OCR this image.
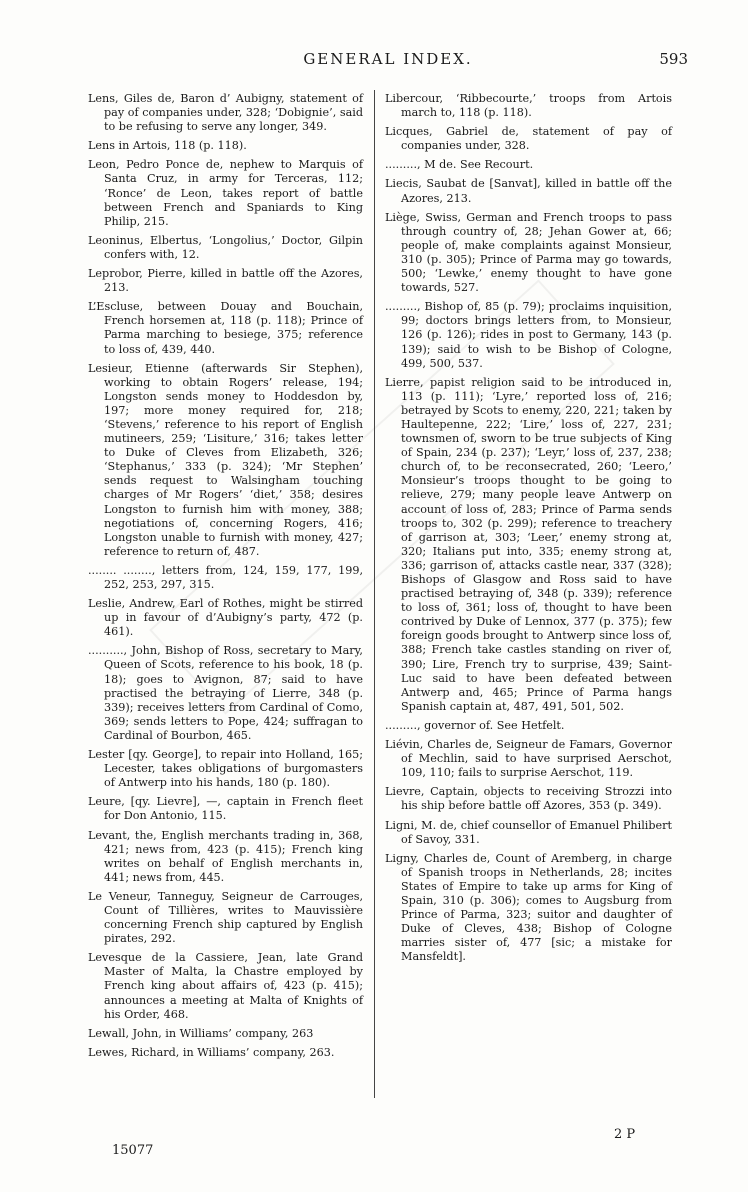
GENERAL INDEX.	593

Lens, Giles de, Baron d’ Aubigny, statement of pay of companies under, 328; ‘Dobignie’, said to be refusing to serve any longer, 349.

Lens in Artois, 118 (p. 118).

Leon, Pedro Ponce de, nephew to Marquis of Santa Cruz, in army for Terceras, 112; ‘Ronce’ de Leon, takes report of battle between French and Spaniards to King Philip, 215.

Leoninus, Elbertus, ‘Longolius,’ Doctor, Gilpin confers with, 12.

Leprobor, Pierre, killed in battle off the Azores, 213.

L’Escluse, between Douay and Bouchain, French horsemen at, 118 (p. 118); Prince of Parma marching to besiege, 375; reference to loss of, 439, 440.

Lesieur, Etienne (afterwards Sir Stephen), working to obtain Rogers’ release, 194; Longston sends money to Hoddesdon by, 197; more money required for, 218; ‘Stevens,’ reference to his report of English mutineers, 259; ‘Lisiture,’ 316; takes letter to Duke of Cleves from Elizabeth, 326; ‘Stephanus,’ 333 (p. 324); ‘Mr Stephen’ sends request to Walsingham touching charges of Mr Rogers’ ‘diet,’ 358; desires Longston to furnish him with money, 388; negotiations of, concerning Rogers, 416; Longston unable to furnish with money, 427; reference to return of, 487.

........ ........, letters from, 124, 159, 177, 199, 252, 253, 297, 315.

Leslie, Andrew, Earl of Rothes, might be stirred up in favour of d’Aubigny’s party, 472 (p. 461).

.........., John, Bishop of Ross, secretary to Mary, Queen of Scots, reference to his book, 18 (p. 18); goes to Avignon, 87; said to have practised the betraying of Lierre, 348 (p. 339); receives letters from Cardinal of Como, 369; sends letters to Pope, 424; suffragan to Cardinal of Bourbon, 465.

Lester [qy. George], to repair into Holland, 165; Lecester, takes obligations of burgomasters of Antwerp into his hands, 180 (p. 180).

Leure, [qy. Lievre], —, captain in French fleet for Don Antonio, 115.

Levant, the, English merchants trading in, 368, 421; news from, 423 (p. 415); French king writes on behalf of English merchants in, 441; news from, 445.

Le Veneur, Tanneguy, Seigneur de Carrouges, Count of Tillières, writes to Mauvissière concerning French ship captured by English pirates, 292.

Levesque de la Cassiere, Jean, late Grand Master of Malta, la Chastre employed by French king about affairs of, 423 (p. 415); announces a meeting at Malta of Knights of his Order, 468.

Lewall, John, in Williams’ company, 263

Lewes, Richard, in Williams’ company, 263.

Libercour, ‘Ribbecourte,’ troops from Artois march to, 118 (p. 118).

Licques, Gabriel de, statement of pay of companies under, 328.

........., M de. See Recourt.

Liecis, Saubat de [Sanvat], killed in battle off the Azores, 213.

Liège, Swiss, German and French troops to pass through country of, 28; Jehan Gower at, 66; people of, make complaints against Monsieur, 310 (p. 305); Prince of Parma may go towards, 500; ‘Lewke,’ enemy thought to have gone towards, 527.

........., Bishop of, 85 (p. 79); proclaims inquisition, 99; doctors brings letters from, to Monsieur, 126 (p. 126); rides in post to Germany, 143 (p. 139); said to wish to be Bishop of Cologne, 499, 500, 537.

Lierre, papist religion said to be introduced in, 113 (p. 111); ‘Lyre,’ reported loss of, 216; betrayed by Scots to enemy, 220, 221; taken by Haultepenne, 222; ‘Lire,’ loss of, 227, 231; townsmen of, sworn to be true subjects of King of Spain, 234 (p. 237); ‘Leyr,’ loss of, 237, 238; church of, to be reconsecrated, 260; ‘Leero,’ Monsieur’s troops thought to be going to relieve, 279; many people leave Antwerp on account of loss of, 283; Prince of Parma sends troops to, 302 (p. 299); reference to treachery of garrison at, 303; ‘Leer,’ enemy strong at, 320; Italians put into, 335; enemy strong at, 336; garrison of, attacks castle near, 337 (328); Bishops of Glasgow and Ross said to have practised betraying of, 348 (p. 339); reference to loss of, 361; loss of, thought to have been contrived by Duke of Lennox, 377 (p. 375); few foreign goods brought to Antwerp since loss of, 388; French take castles standing on river of, 390; Lire, French try to surprise, 439; Saint-Luc said to have been defeated between Antwerp and, 465; Prince of Parma hangs Spanish captain at, 487, 491, 501, 502.

........., governor of. See Hetfelt.

Liévin, Charles de, Seigneur de Famars, Governor of Mechlin, said to have surprised Aerschot, 109, 110; fails to surprise Aerschot, 119.

Lievre, Captain, objects to receiving Strozzi into his ship before battle off Azores, 353 (p. 349).

Ligni, M. de, chief counsellor of Emanuel Philibert of Savoy, 331.

Ligny, Charles de, Count of Aremberg, in charge of Spanish troops in Netherlands, 28; incites States of Empire to take up arms for King of Spain, 310 (p. 306); comes to Augsburg from Prince of Parma, 323; suitor and daughter of Duke of Cleves, 438; Bishop of Cologne marries sister of, 477 [sic; a mistake for Mansfeldt].

15077
2 P
